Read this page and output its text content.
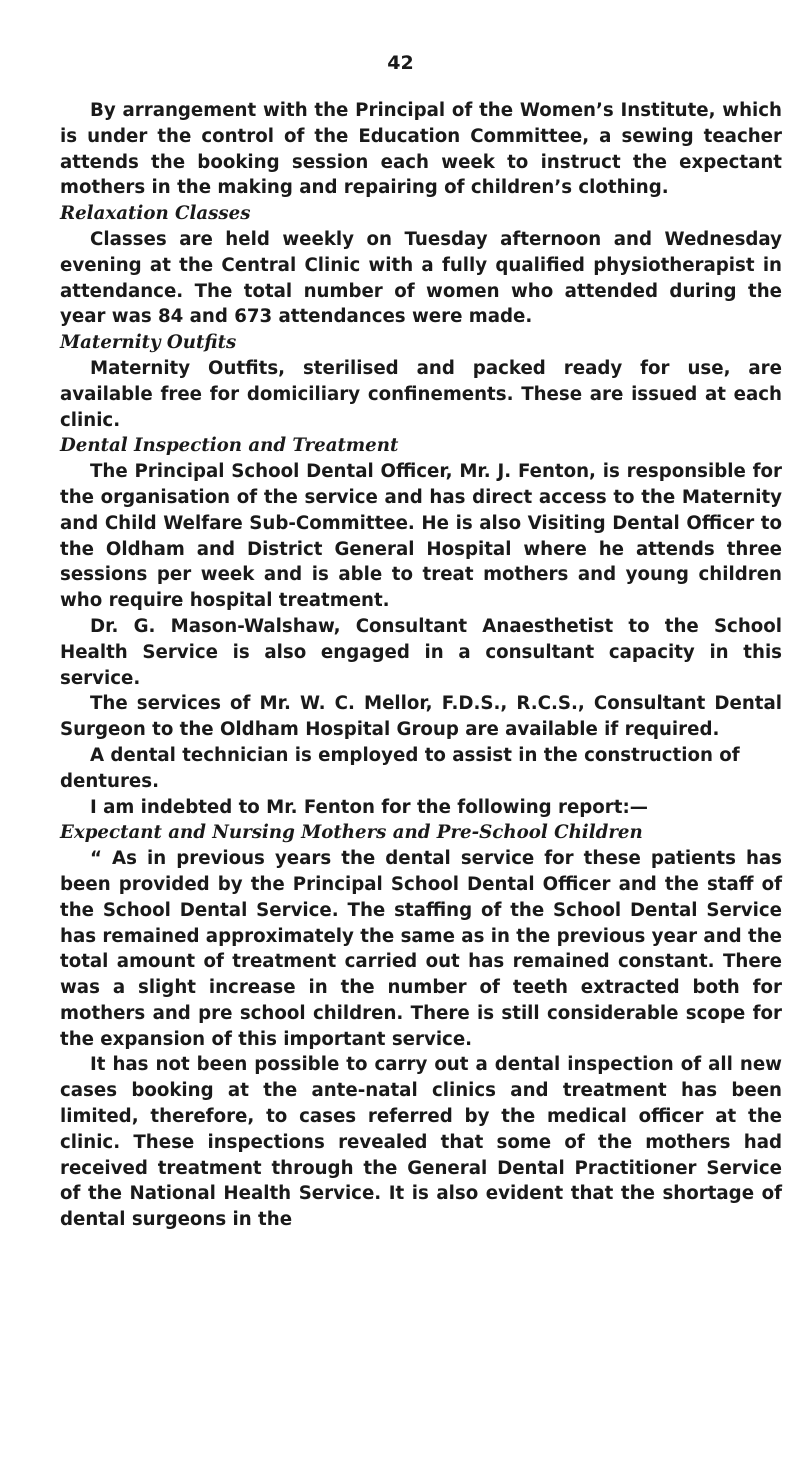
42

By arrangement with the Principal of the Women’s Institute, which is under the control of the Education Committee, a sewing teacher attends the booking session each week to instruct the expectant mothers in the making and repairing of children’s clothing.

Relaxation Classes

Classes are held weekly on Tuesday afternoon and Wednesday evening at the Central Clinic with a fully qualified physiotherapist in attendance. The total number of women who attended during the year was 84 and 673 attendances were made.

Maternity Outfits

Maternity Outfits, sterilised and packed ready for use, are available free for domiciliary confinements. These are issued at each clinic.

Dental Inspection and Treatment

The Principal School Dental Officer, Mr. J. Fenton, is responsible for the organisation of the service and has direct access to the Maternity and Child Welfare Sub-Committee. He is also Visiting Dental Officer to the Oldham and District General Hospital where he attends three sessions per week and is able to treat mothers and young children who require hospital treatment.

Dr. G. Mason-Walshaw, Consultant Anaesthetist to the School Health Service is also engaged in a consultant capacity in this service.

The services of Mr. W. C. Mellor, F.D.S., R.C.S., Consultant Dental Surgeon to the Oldham Hospital Group are available if required.

A dental technician is employed to assist in the construction of

dentures.

I am indebted to Mr. Fenton for the following report:—

Expectant and Nursing Mothers and Pre-School Children

“ As in previous years the dental service for these patients has been provided by the Principal School Dental Officer and the staff of the School Dental Service. The staffing of the School Dental Service has remained approximately the same as in the previous year and the total amount of treatment carried out has remained constant. There was a slight increase in the number of teeth extracted both for mothers and pre school children. There is still considerable scope for the expansion of this important service.

It has not been possible to carry out a dental inspection of all new cases booking at the ante-natal clinics and treatment has been limited, therefore, to cases referred by the medical officer at the clinic. These inspections revealed that some of the mothers had received treatment through the General Dental Practitioner Service of the National Health Service. It is also evident that the shortage of dental surgeons in the
